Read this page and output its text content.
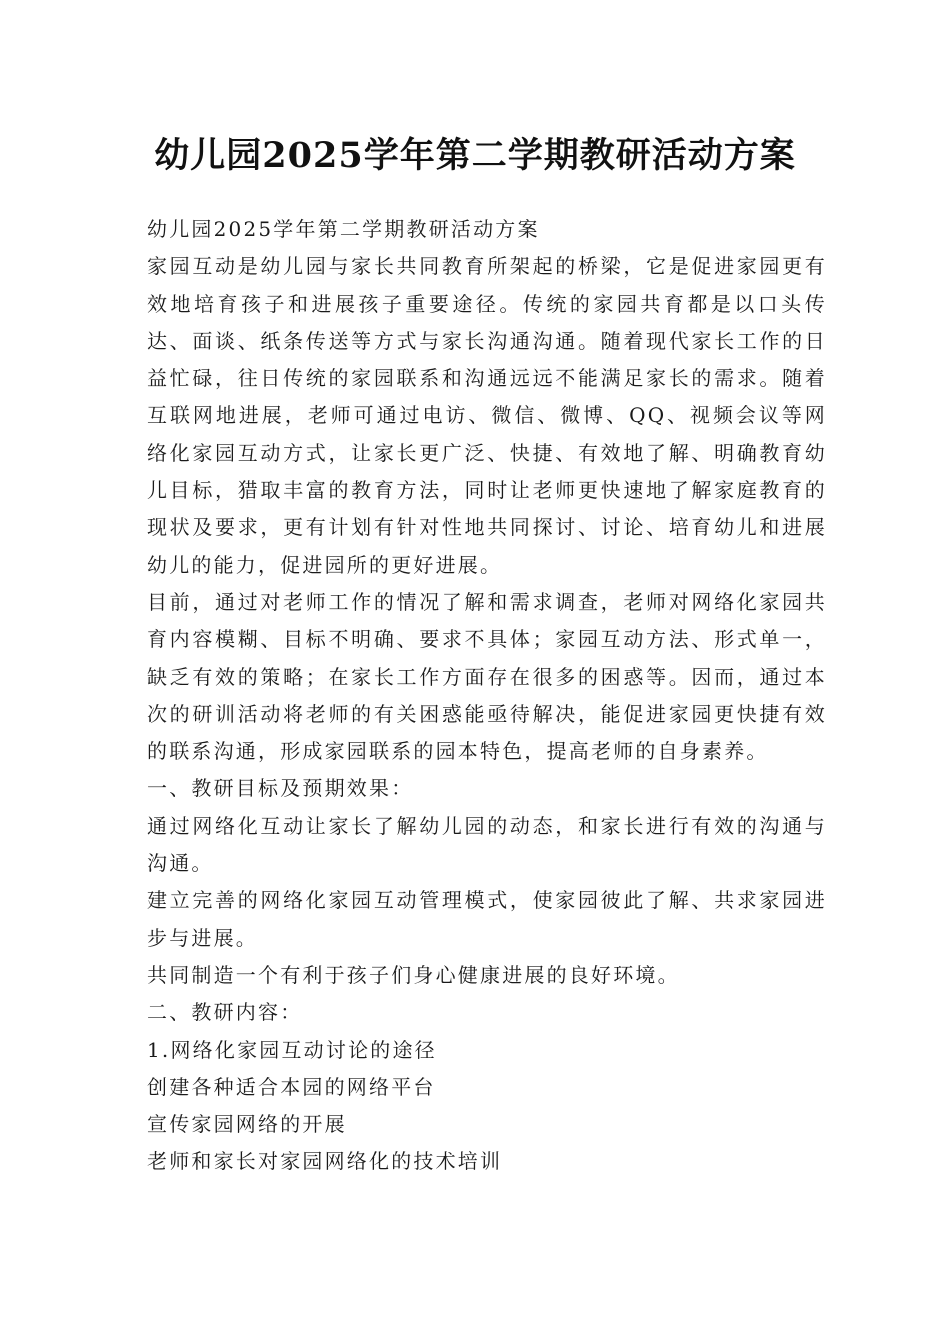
幼儿园2025学年第二学期教研活动方案

幼儿园2025学年第二学期教研活动方案

家园互动是幼儿园与家长共同教育所架起的桥梁，它是促进家园更有效地培育孩子和进展孩子重要途径。传统的家园共育都是以口头传达、面谈、纸条传送等方式与家长沟通沟通。随着现代家长工作的日益忙碌，往日传统的家园联系和沟通远远不能满足家长的需求。随着互联网地进展，老师可通过电访、微信、微博、QQ、视频会议等网络化家园互动方式，让家长更广泛、快捷、有效地了解、明确教育幼儿目标，猎取丰富的教育方法，同时让老师更快速地了解家庭教育的现状及要求，更有计划有针对性地共同探讨、讨论、培育幼儿和进展幼儿的能力，促进园所的更好进展。

目前，通过对老师工作的情况了解和需求调查，老师对网络化家园共育内容模糊、目标不明确、要求不具体；家园互动方法、形式单一，缺乏有效的策略；在家长工作方面存在很多的困惑等。因而，通过本次的研训活动将老师的有关困惑能亟待解决，能促进家园更快捷有效的联系沟通，形成家园联系的园本特色，提高老师的自身素养。

一、教研目标及预期效果：

通过网络化互动让家长了解幼儿园的动态，和家长进行有效的沟通与沟通。

建立完善的网络化家园互动管理模式，使家园彼此了解、共求家园进步与进展。

共同制造一个有利于孩子们身心健康进展的良好环境。

二、教研内容：

1.网络化家园互动讨论的途径

创建各种适合本园的网络平台

宣传家园网络的开展

老师和家长对家园网络化的技术培训
